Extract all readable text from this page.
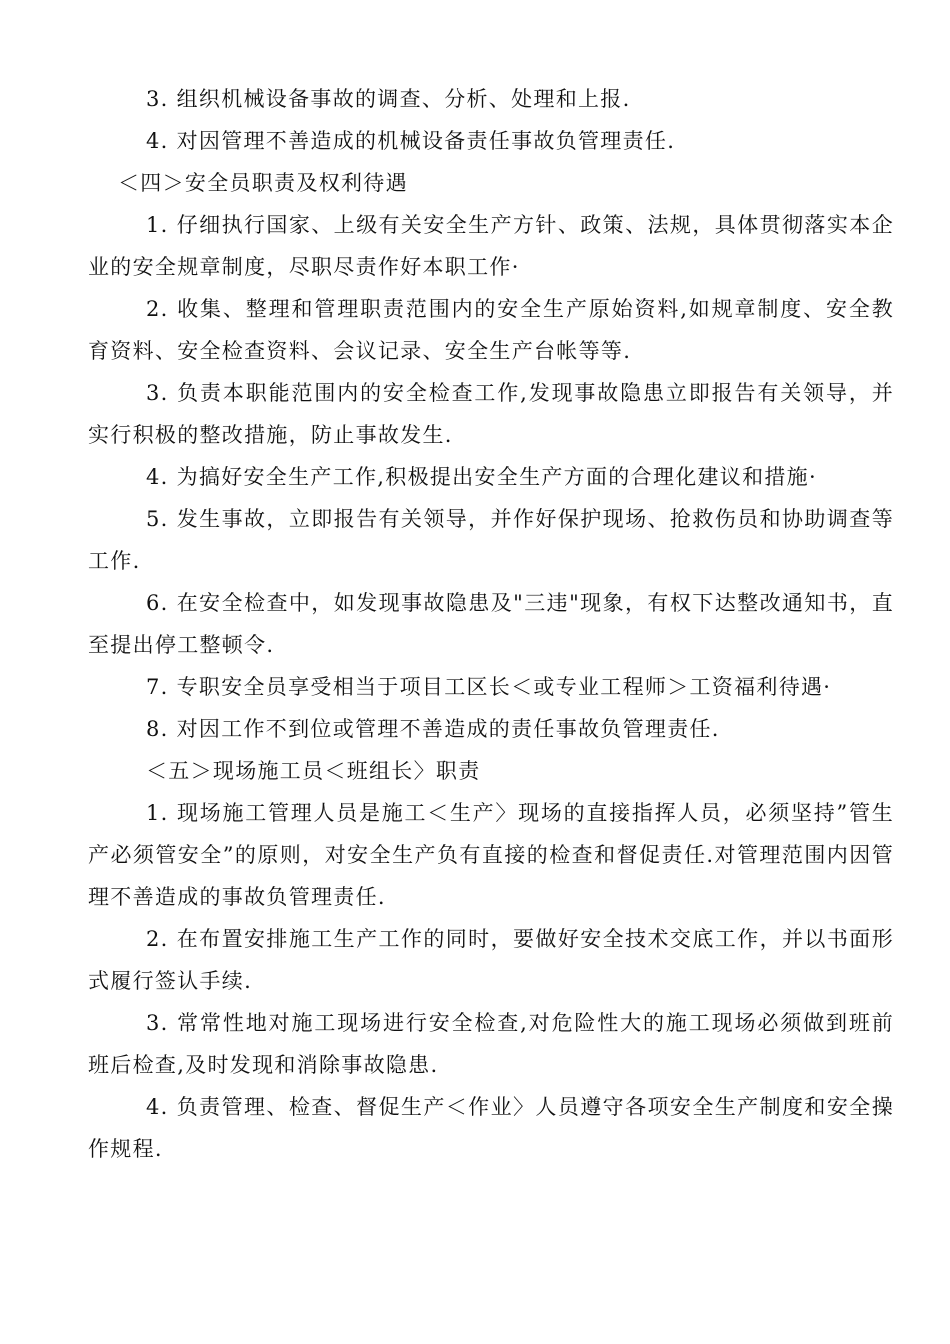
3. 组织机械设备事故的调查、分析、处理和上报.

4. 对因管理不善造成的机械设备责任事故负管理责任.

＜四＞安全员职责及权利待遇

1. 仔细执行国家、上级有关安全生产方针、政策、法规，具体贯彻落实本企业的安全规章制度，尽职尽责作好本职工作·

2. 收集、整理和管理职责范围内的安全生产原始资料,如规章制度、安全教育资料、安全检查资料、会议记录、安全生产台帐等等.

3. 负责本职能范围内的安全检查工作,发现事故隐患立即报告有关领导，并实行积极的整改措施，防止事故发生.

4. 为搞好安全生产工作,积极提出安全生产方面的合理化建议和措施·

5. 发生事故，立即报告有关领导，并作好保护现场、抢救伤员和协助调查等工作.

6. 在安全检查中，如发现事故隐患及"三违"现象，有权下达整改通知书，直至提出停工整顿令.

7. 专职安全员享受相当于项目工区长＜或专业工程师＞工资福利待遇·

8. 对因工作不到位或管理不善造成的责任事故负管理责任.

＜五＞现场施工员＜班组长〉职责

1. 现场施工管理人员是施工＜生产〉现场的直接指挥人员，必须坚持”管生产必须管安全”的原则，对安全生产负有直接的检查和督促责任.对管理范围内因管理不善造成的事故负管理责任.

2. 在布置安排施工生产工作的同时，要做好安全技术交底工作，并以书面形式履行签认手续.

3. 常常性地对施工现场进行安全检查,对危险性大的施工现场必须做到班前班后检查,及时发现和消除事故隐患.

4. 负责管理、检查、督促生产＜作业〉人员遵守各项安全生产制度和安全操作规程.
